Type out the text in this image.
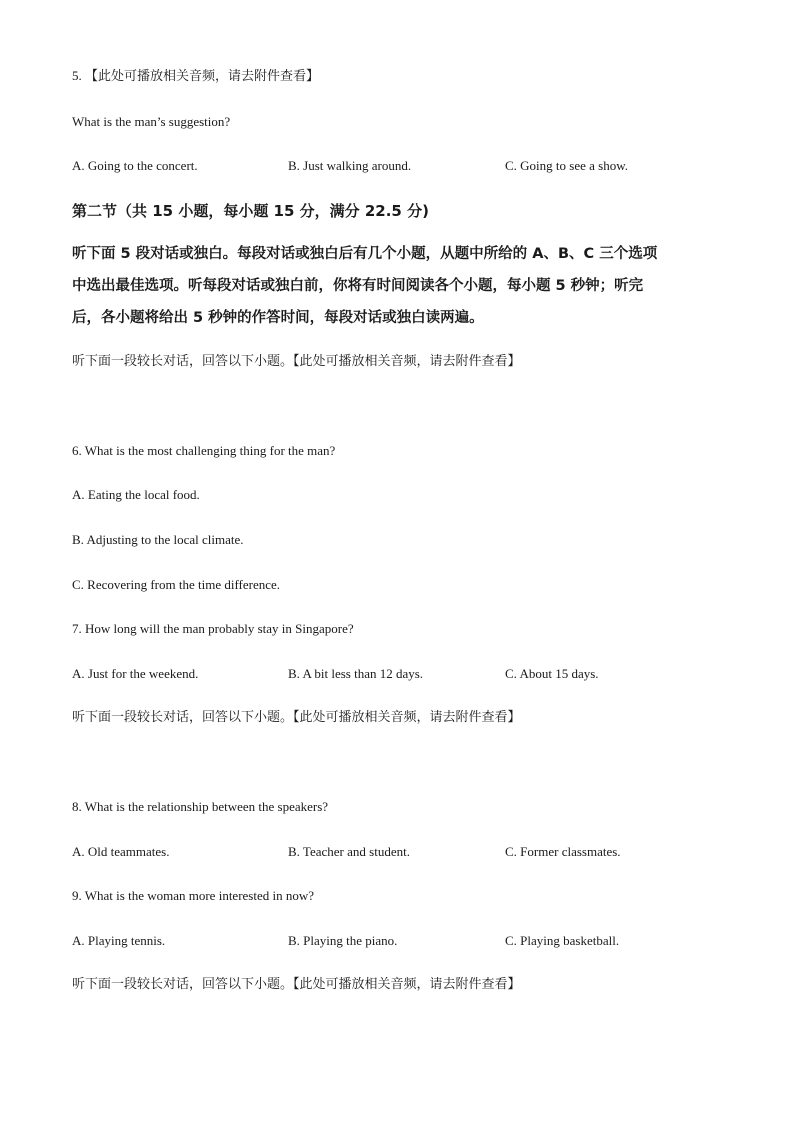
5. 【此处可播放相关音频，请去附件查看】
What is the man’s suggestion?
A. Going to the concert.	B. Just walking around.	C. Going to see a show.
第二节（共 15 小题，每小题 15 分，满分 22.5 分)
听下面 5 段对话或独白。每段对话或独白后有几个小题，从题中所给的 A、B、C 三个选项
中选出最佳选项。听每段对话或独白前，你将有时间阅读各个小题，每小题 5 秒钟；听完
后，各小题将给出 5 秒钟的作答时间，每段对话或独白读两遍。
听下面一段较长对话，回答以下小题。【此处可播放相关音频，请去附件查看】
6. What is the most challenging thing for the man?
A. Eating the local food.
B. Adjusting to the local climate.
C. Recovering from the time difference.
7. How long will the man probably stay in Singapore?
A. Just for the weekend.	B. A bit less than 12 days.	C. About 15 days.
听下面一段较长对话，回答以下小题。【此处可播放相关音频，请去附件查看】
8. What is the relationship between the speakers?
A. Old teammates.	B. Teacher and student.	C. Former classmates.
9. What is the woman more interested in now?
A. Playing tennis.	B. Playing the piano.	C. Playing basketball.
听下面一段较长对话，回答以下小题。【此处可播放相关音频，请去附件查看】
